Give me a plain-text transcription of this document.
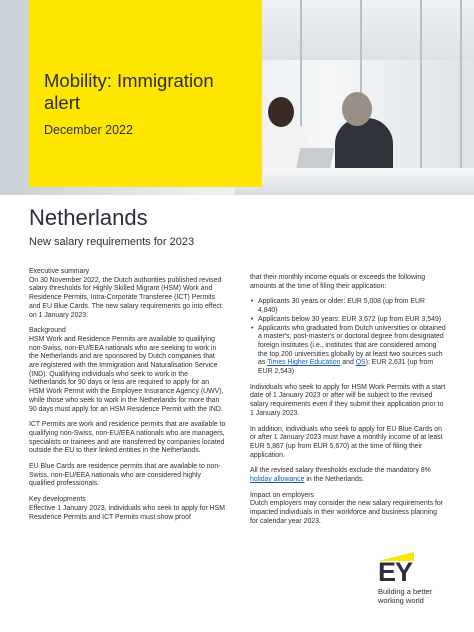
Mobility: Immigration alert
December 2022
Netherlands
New salary requirements for 2023

Executive summary

On 30 November 2022, the Dutch authorities published revised salary thresholds for Highly Skilled Migrant (HSM) Work and Residence Permits, Intra-Corporate Transferee (ICT) Permits and EU Blue Cards. The new salary requirements go into effect on 1 January 2023.

Background

HSM Work and Residence Permits are available to qualifying non-Swiss, non-EU/EEA nationals who are seeking to work in the Netherlands and are sponsored by Dutch companies that are registered with the Immigration and Naturalisation Service (IND). Qualifying individuals who seek to work in the Netherlands for 90 days or less are required to apply for an HSM Work Permit with the Employee Insurance Agency (UWV), while those who seek to work in the Netherlands for more than 90 days must apply for an HSM Residence Permit with the IND.

ICT Permits are work and residence permits that are available to qualifying non-Swiss, non-EU/EEA nationals who are managers, specialists or trainees and are transferred by companies located outside the EU to their linked entities in the Netherlands.

EU Blue Cards are residence permits that are available to non-Swiss, non-EU/EEA nationals who are considered highly qualified professionals.

Key developments

Effective 1 January 2023, individuals who seek to apply for HSM Residence Permits and ICT Permits must show proof

that their monthly income equals or exceeds the following amounts at the time of filing their application:

• Applicants 30 years or older: EUR 5,008 (up from EUR 4,840)
• Applicants below 30 years: EUR 3,672 (up from EUR 3,549)
• Applicants who graduated from Dutch universities or obtained a master's, post-master's or doctoral degree from designated foreign institutes (i.e., institutes that are considered among the top 200 universities globally by at least two sources such as Times Higher Education and QS): EUR 2,631 (up from EUR 2,543)

Individuals who seek to apply for HSM Work Permits with a start date of 1 January 2023 or after will be subject to the revised salary requirements even if they submit their application prior to 1 January 2023.

In addition, individuals who seek to apply for EU Blue Cards on or after 1 January 2023 must have a monthly income of at least EUR 5,867 (up from EUR 5,670) at the time of filing their application.

All the revised salary thresholds exclude the mandatory 8% holiday allowance in the Netherlands.

Impact on employers

Dutch employers may consider the new salary requirements for impacted individuals in their workforce and business planning for calendar year 2023.

EY
Building a better working world
